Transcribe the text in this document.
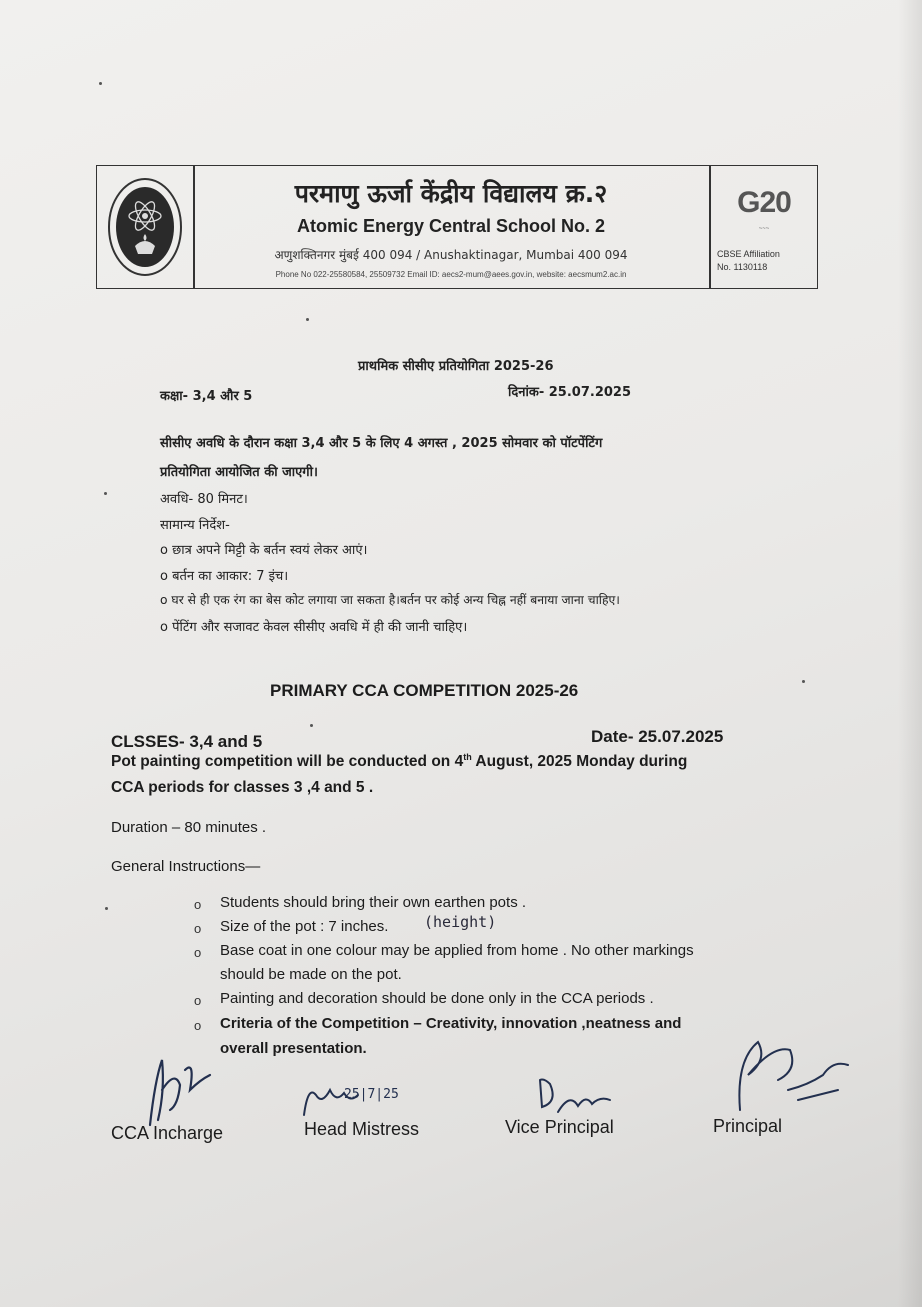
परमाणु ऊर्जा केंद्रीय विद्यालय क्र.२
Atomic Energy Central School No. 2
अणुशक्तिनगर मुंबई 400 094 / Anushaktinagar, Mumbai 400 094
Phone No 022-25580584, 25509732 Email ID: aecs2-mum@aees.gov.in, website: aecsmum2.ac.in
G20
~~~
CBSE Affiliation
No. 1130118
प्राथमिक सीसीए प्रतियोगिता 2025-26
कक्षा- 3,4 और 5	दिनांक- 25.07.2025
सीसीए अवधि के दौरान कक्षा 3,4 और 5 के लिए 4 अगस्त , 2025 सोमवार को पॉटपेंटिंग
प्रतियोगिता आयोजित की जाएगी।
अवधि- 80 मिनट।
सामान्य निर्देश-
o छात्र अपने मिट्टी के बर्तन स्वयं लेकर आएं।
o बर्तन का आकार: 7 इंच।
o घर से ही एक रंग का बेस कोट लगाया जा सकता है।बर्तन पर कोई अन्य चिह्न नहीं बनाया जाना चाहिए।
o पेंटिंग और सजावट केवल सीसीए अवधि में ही की जानी चाहिए।
PRIMARY CCA COMPETITION 2025-26
CLSSES- 3,4 and 5	Date- 25.07.2025
Pot painting competition will be conducted on 4th August, 2025 Monday during
CCA periods for classes 3 ,4 and 5 .
Duration – 80 minutes .
General Instructions—
o Students should bring their own earthen pots .
o Size of the pot : 7 inches. (height)
o Base coat in one colour may be applied from home . No other markings
should be made on the pot.
o Painting and decoration should be done only in the CCA periods .
o Criteria of the Competition – Creativity, innovation ,neatness and
overall presentation.
CCA Incharge
25|7|25
Head Mistress	Vice Principal	Principal
